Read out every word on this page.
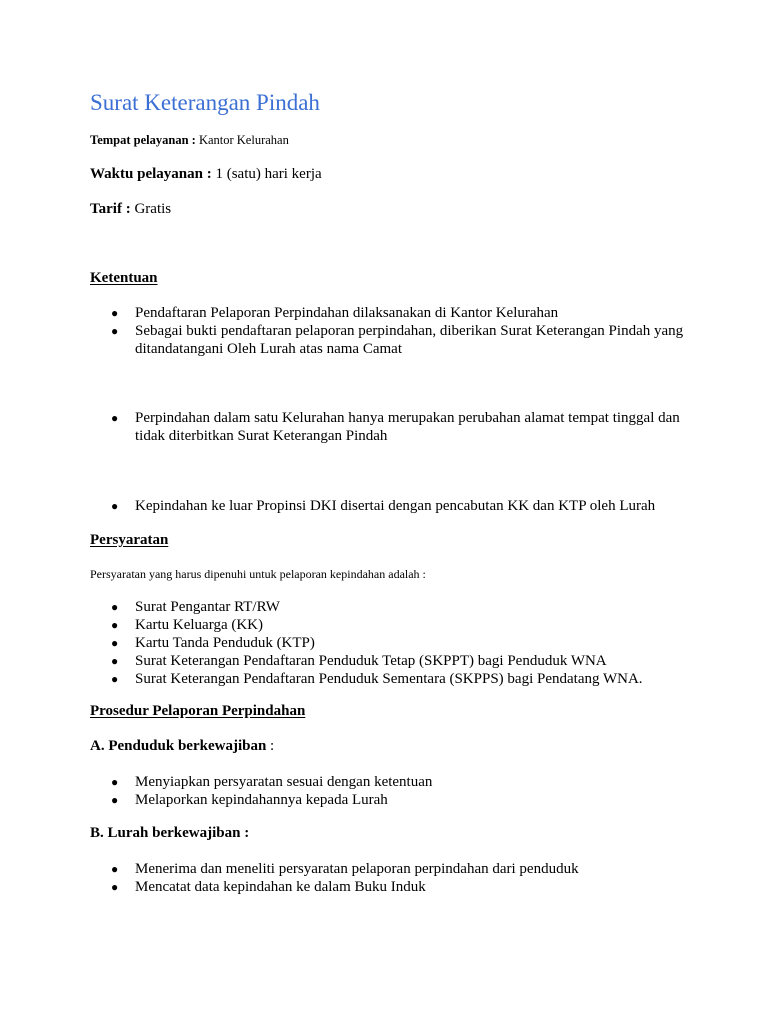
Surat Keterangan Pindah
Tempat pelayanan : Kantor Kelurahan
Waktu pelayanan : 1 (satu) hari kerja
Tarif : Gratis
Ketentuan
● Pendaftaran Pelaporan Perpindahan dilaksanakan di Kantor Kelurahan
● Sebagai bukti pendaftaran pelaporan perpindahan, diberikan Surat Keterangan Pindah yang ditandatangani Oleh Lurah atas nama Camat
● Perpindahan dalam satu Kelurahan hanya merupakan perubahan alamat tempat tinggal dan tidak diterbitkan Surat Keterangan Pindah
● Kepindahan ke luar Propinsi DKI disertai dengan pencabutan KK dan KTP oleh Lurah
Persyaratan
Persyaratan yang harus dipenuhi untuk pelaporan kepindahan adalah :
● Surat Pengantar RT/RW
● Kartu Keluarga (KK)
● Kartu Tanda Penduduk (KTP)
● Surat Keterangan Pendaftaran Penduduk Tetap (SKPPT) bagi Penduduk WNA
● Surat Keterangan Pendaftaran Penduduk Sementara (SKPPS) bagi Pendatang WNA.
Prosedur Pelaporan Perpindahan
A. Penduduk berkewajiban :
● Menyiapkan persyaratan sesuai dengan ketentuan
● Melaporkan kepindahannya kepada Lurah
B. Lurah berkewajiban :
● Menerima dan meneliti persyaratan pelaporan perpindahan dari penduduk
● Mencatat data kepindahan ke dalam Buku Induk
